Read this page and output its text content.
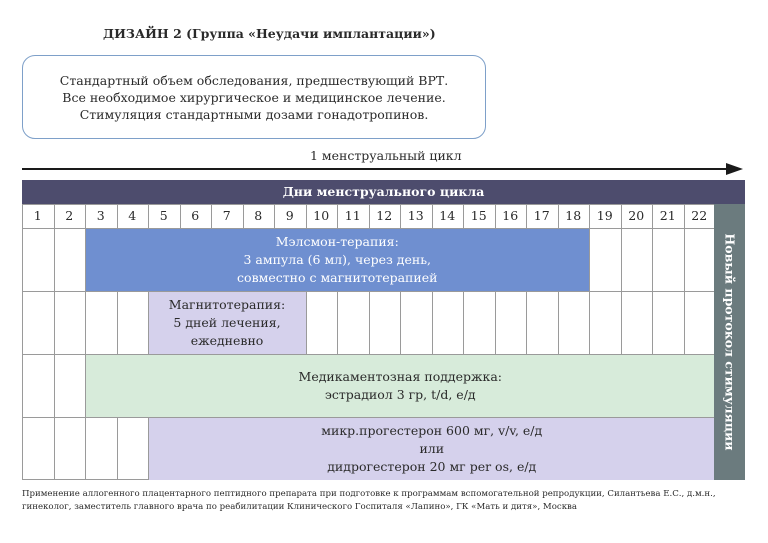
ДИЗАЙН 2 (Группа «Неудачи имплантации»)
Стандартный объем обследования, предшествующий ВРТ.
Все необходимое хирургическое и медицинское лечение.
Стимуляция стандартными дозами гонадотропинов.
1 менструальный цикл
Дни менструального цикла
22
21
20
19
18
17
16
15
14
13
12
11
10
9
8
7
6
5
4
3
2
1
Мэлсмон-терапия:
3 ампула (6 мл), через день,
совместно с магнитотерапией
Магнитотерапия:
5 дней лечения,
ежедневно
Медикаментозная поддержка:
эстрадиол 3 гр, t/d, e/д
микр.прогестерон 600 мг, v/v, e/д
или
дидрогестерон 20 мг per os, e/д
Новый протокол стимуляции
Применение аллогенного плацентарного пептидного препарата при подготовке к программам вспомогательной репродукции, Силантьева Е.С., д.м.н., гинеколог, заместитель главного врача по реабилитации Клинического Госпиталя «Лапино», ГК «Мать и дитя», Москва
